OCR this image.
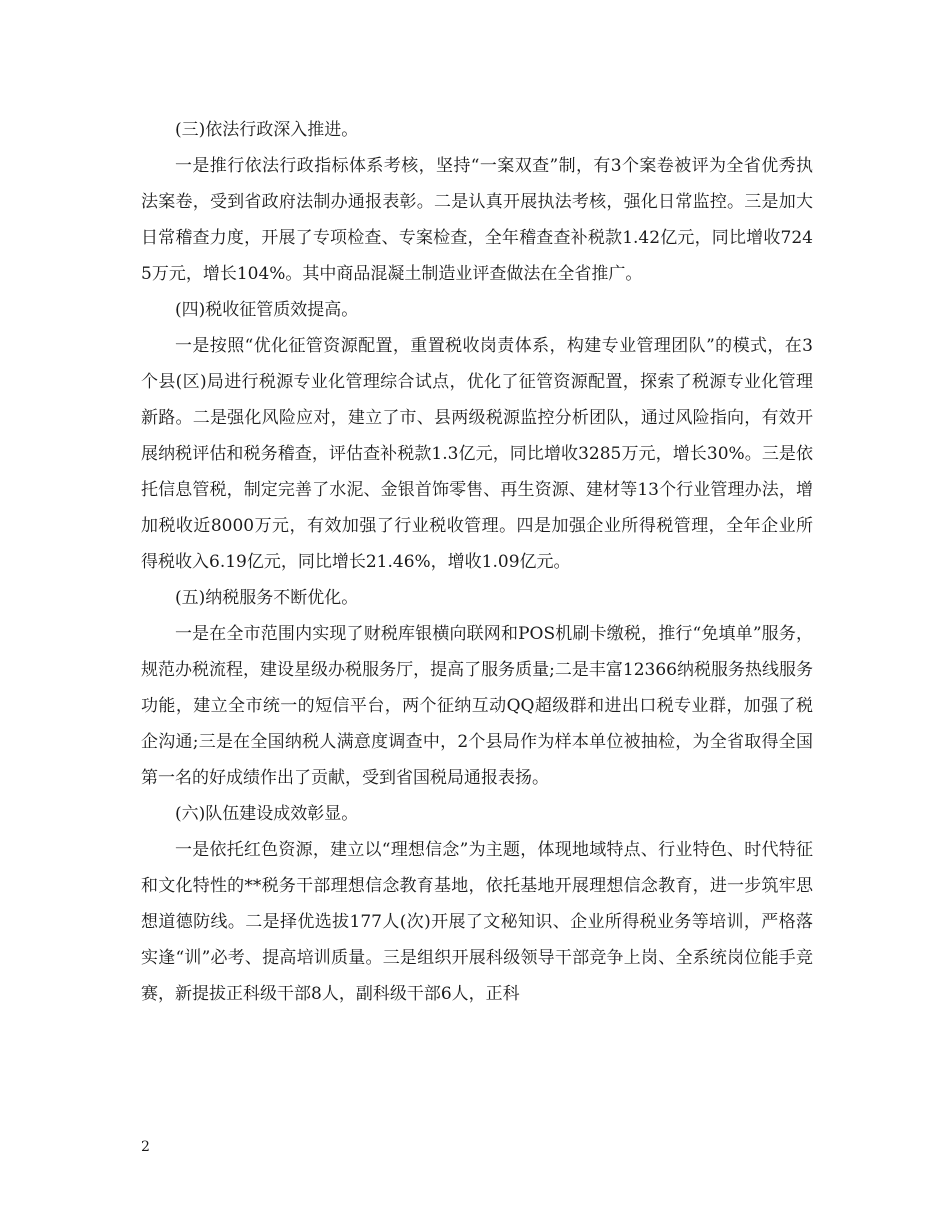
(三)依法行政深入推进。

一是推行依法行政指标体系考核，坚持“一案双查”制，有3个案卷被评为全省优秀执法案卷，受到省政府法制办通报表彰。二是认真开展执法考核，强化日常监控。三是加大日常稽查力度，开展了专项检查、专案检查，全年稽查查补税款1.42亿元，同比增收7245万元，增长104%。其中商品混凝土制造业评查做法在全省推广。

(四)税收征管质效提高。

一是按照“优化征管资源配置，重置税收岗责体系，构建专业管理团队”的模式，在3个县(区)局进行税源专业化管理综合试点，优化了征管资源配置，探索了税源专业化管理新路。二是强化风险应对，建立了市、县两级税源监控分析团队，通过风险指向，有效开展纳税评估和税务稽查，评估查补税款1.3亿元，同比增收3285万元，增长30%。三是依托信息管税，制定完善了水泥、金银首饰零售、再生资源、建材等13个行业管理办法，增加税收近8000万元，有效加强了行业税收管理。四是加强企业所得税管理，全年企业所得税收入6.19亿元，同比增长21.46%，增收1.09亿元。

(五)纳税服务不断优化。

一是在全市范围内实现了财税库银横向联网和POS机刷卡缴税，推行“免填单”服务，规范办税流程，建设星级办税服务厅，提高了服务质量;二是丰富12366纳税服务热线服务功能，建立全市统一的短信平台，两个征纳互动QQ超级群和进出口税专业群，加强了税企沟通;三是在全国纳税人满意度调查中，2个县局作为样本单位被抽检，为全省取得全国第一名的好成绩作出了贡献，受到省国税局通报表扬。

(六)队伍建设成效彰显。

一是依托红色资源，建立以“理想信念”为主题，体现地域特点、行业特色、时代特征和文化特性的**税务干部理想信念教育基地，依托基地开展理想信念教育，进一步筑牢思想道德防线。二是择优选拔177人(次)开展了文秘知识、企业所得税业务等培训，严格落实逢“训”必考、提高培训质量。三是组织开展科级领导干部竞争上岗、全系统岗位能手竞赛，新提拔正科级干部8人，副科级干部6人，正科

2
